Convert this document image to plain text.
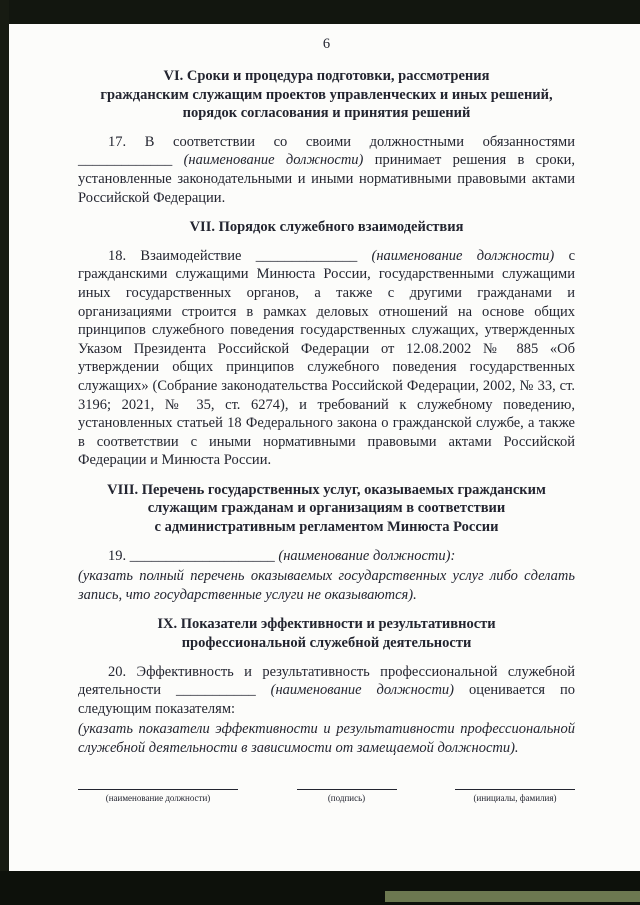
6
VI. Сроки и процедура подготовки, рассмотрения
гражданским служащим проектов управленческих и иных решений,
порядок согласования и принятия решений

17. В соответствии со своими должностными обязанностями _____________ (наименование должности) принимает решения в сроки, установленные законодательными и иными нормативными правовыми актами Российской Федерации.

VII. Порядок служебного взаимодействия

18. Взаимодействие ______________ (наименование должности) с гражданскими служащими Минюста России, государственными служащими иных государственных органов, а также с другими гражданами и организациями строится в рамках деловых отношений на основе общих принципов служебного поведения государственных служащих, утвержденных Указом Президента Российской Федерации от 12.08.2002 № 885 «Об утверждении общих принципов служебного поведения государственных служащих» (Собрание законодательства Российской Федерации, 2002, № 33, ст. 3196; 2021, № 35, ст. 6274), и требований к служебному поведению, установленных статьей 18 Федерального закона о гражданской службе, а также в соответствии с иными нормативными правовыми актами Российской Федерации и Минюста России.

VIII. Перечень государственных услуг, оказываемых гражданским
служащим гражданам и организациям в соответствии
с административным регламентом Минюста России

19. ____________________ (наименование должности):

(указать полный перечень оказываемых государственных услуг либо сделать запись, что государственные услуги не оказываются).

IX. Показатели эффективности и результативности
профессиональной служебной деятельности

20. Эффективность и результативность профессиональной служебной деятельности ___________ (наименование должности) оценивается по следующим показателям:

(указать показатели эффективности и результативности профессиональной служебной деятельности в зависимости от замещаемой должности).

(наименование должности)	(подпись)	(инициалы, фамилия)
